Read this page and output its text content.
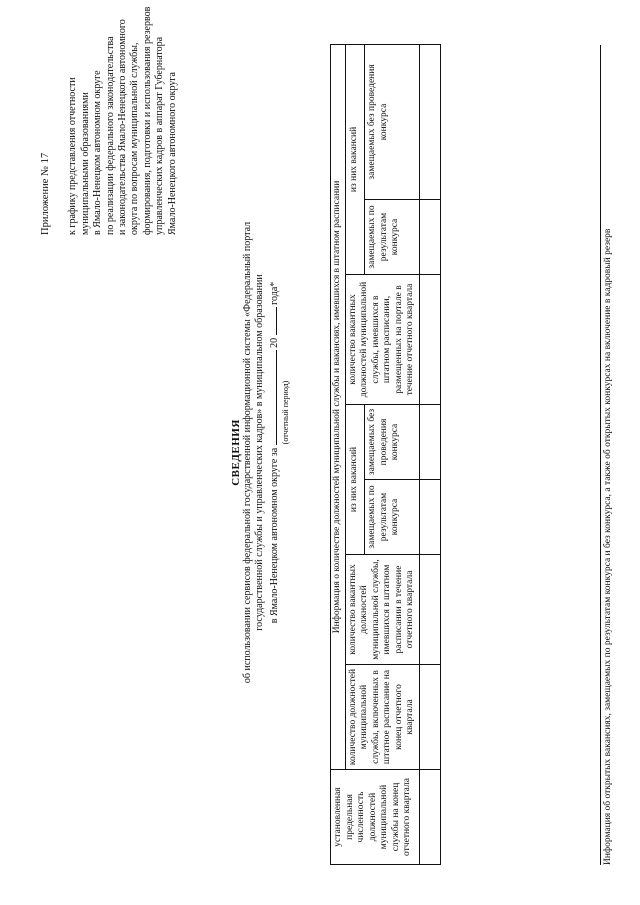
Приложение № 17 к графику представления отчетности муниципальными образованиями в Ямало-Ненецком автономном округе по реализации федерального законодательства и законодательства Ямало-Ненецкого автономного округа по вопросам муниципальной службы, формирования, подготовки и использования резервов управленческих кадров в аппарат Губернатора Ямало-Ненецкого автономного округа
СВЕДЕНИЯ об использовании сервисов федеральной государственной информационной системы «Федеральный портал государственной службы и управленческих кадров» в муниципальном образовании в Ямало-Ненецком автономном округе за  20  года*
(отчетный период)
установленная предельная численность должностей муниципальной службы на конец отчетного квартала	Информация о количестве должностей муниципальной службы и вакансиях, имевшихся в штатном расписании						
	количество должностей муниципальной службы, включенных в штатное расписание на конец отчетного квартала	количество вакантных должностей муниципальной службы, имевшихся в штатном расписании в течение отчетного квартала	из них вакансий		количество вакантных должностей муниципальной службы, имевшихся в штатном расписании, размещенных на портале в течение отчетного квартала	из них вакансий	
			замещаемых по результатам конкурса	замещаемых без проведения конкурса		замещаемых по результатам конкурса	замещаемых без проведения конкурса

Информация об открытых вакансиях, замещаемых по результатам конкурса и без конкурса, а также об открытых конкурсах на включение в кадровый резерв
